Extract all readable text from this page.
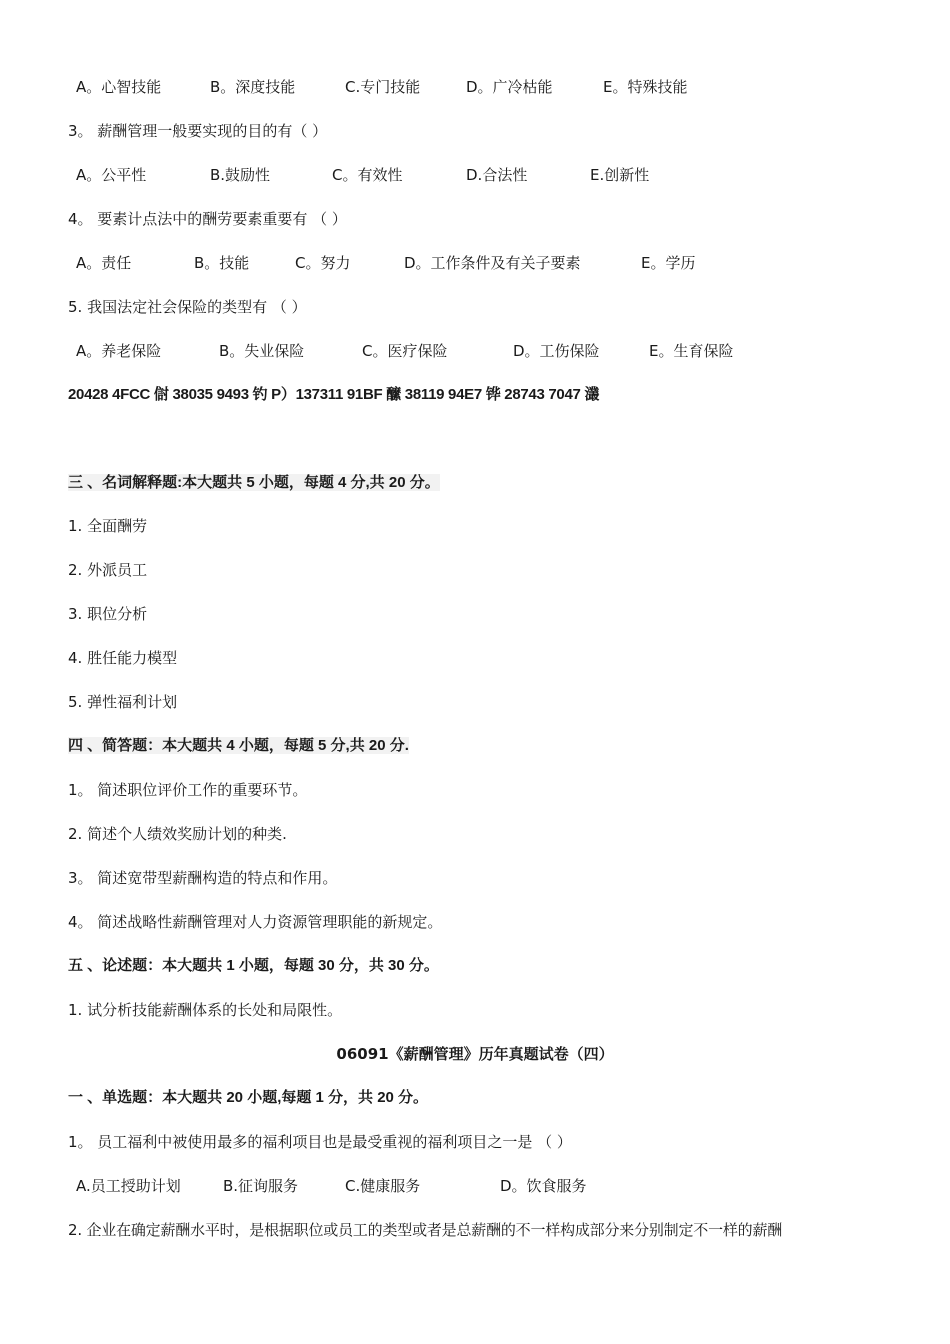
A。心智技能	B。深度技能	C.专门技能	D。广冷枯能	E。特殊技能
3。 薪酬管理一般要实现的目的有（ ）
A。公平性	B.鼓励性	C。有效性	D.合法性	E.创新性
4。 要素计点法中的酬劳要素重要有 （ ）
A。责任	B。技能	C。努力	D。工作条件及有关子要素	E。学历
5. 我国法定社会保险的类型有 （ ）
A。养老保险	B。失业保险	C。医疗保险	D。工伤保险	E。生育保险
20428 4FCC 傠 38035 9493 钓 P）137311 91BF 醿 38119 94E7 铧 28743 7047 灇
三 、名词解释题:本大题共 5 小题，每题 4 分,共 20 分。
1. 全面酬劳
2. 外派员工
3. 职位分析
4. 胜任能力模型
5. 弹性福利计划
四 、简答题：本大题共 4 小题，每题 5 分,共 20 分.
1。 简述职位评价工作的重要环节。
2. 简述个人绩效奖励计划的种类.
3。 简述宽带型薪酬构造的特点和作用。
4。 简述战略性薪酬管理对人力资源管理职能的新规定。
五 、论述题：本大题共 1 小题，每题 30 分，共 30 分。
1. 试分析技能薪酬体系的长处和局限性。
06091《薪酬管理》历年真题试卷（四）
一 、单选题：本大题共 20 小题,每题 1 分，共 20 分。
1。 员工福利中被使用最多的福利项目也是最受重视的福利项目之一是 （ ）
A.员工授助计划	B.征询服务	C.健康服务	D。饮食服务
2. 企业在确定薪酬水平时，是根据职位或员工的类型或者是总薪酬的不一样构成部分来分别制定不一样的薪酬
